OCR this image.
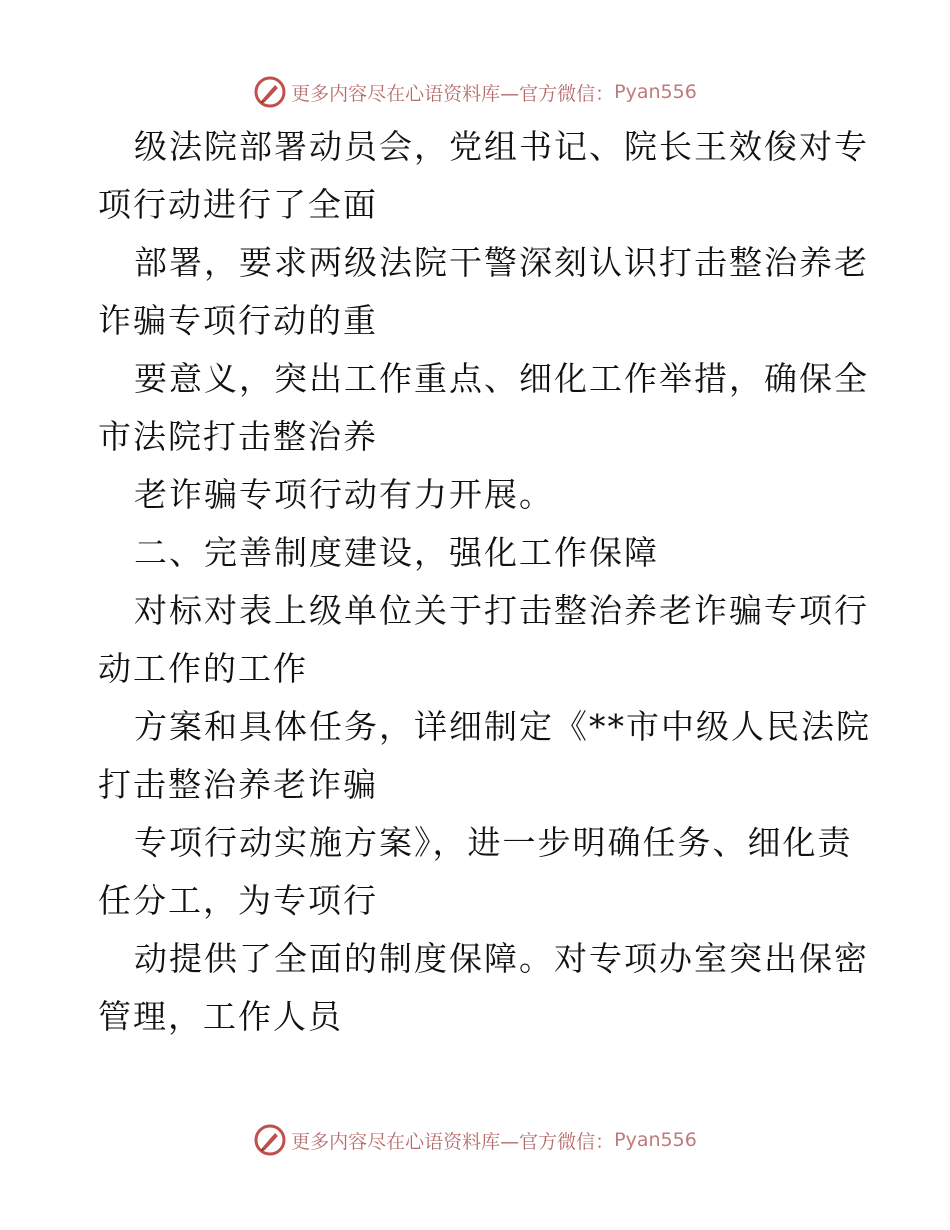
更多内容尽在心语资料库—官方微信： Pyan556
级法院部署动员会，党组书记、院长王效俊对专
项行动进行了全面
部署，要求两级法院干警深刻认识打击整治养老
诈骗专项行动的重
要意义，突出工作重点、细化工作举措，确保全
市法院打击整治养
老诈骗专项行动有力开展。
二、完善制度建设，强化工作保障
对标对表上级单位关于打击整治养老诈骗专项行
动工作的工作
方案和具体任务，详细制定《**市中级人民法院
打击整治养老诈骗
专项行动实施方案》，进一步明确任务、细化责
任分工，为专项行
动提供了全面的制度保障。对专项办室突出保密
管理，工作人员
更多内容尽在心语资料库—官方微信： Pyan556
